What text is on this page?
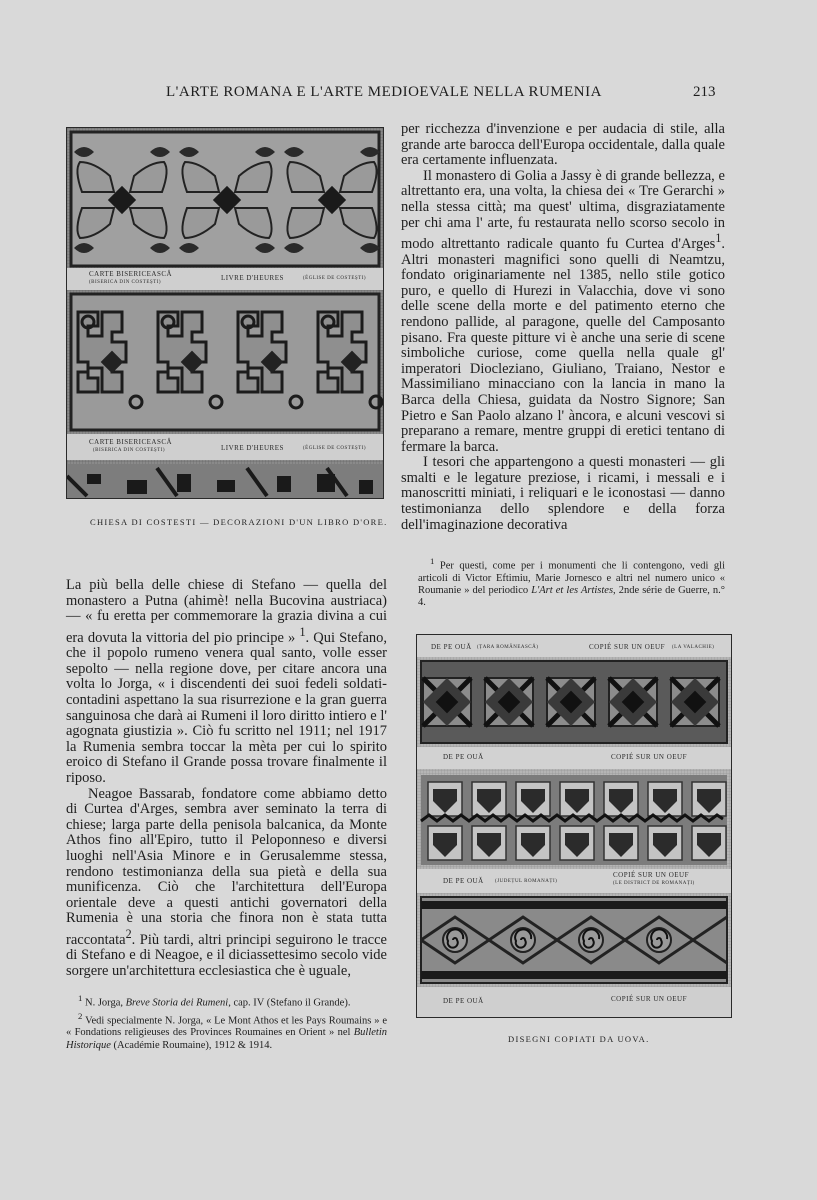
L'ARTE ROMANA E L'ARTE MEDIOEVALE NELLA RUMENIA	213
CARTE BISERICEASCĂ
(BISERICA DIN COSTEȘTI)
LIVRE D'HEURES	(ÉGLISE DE COSTEȘTI)
CARTE BISERICEASCĂ
(BISERICA DIN COSTEȘTI)	LIVRE D'HEURES	(ÉGLISE DE COSTEȘTI)
CHIESA DI COSTESTI — DECORAZIONI D'UN LIBRO D'ORE.

per ricchezza d'invenzione e per audacia di stile, alla grande arte barocca dell'Europa occidentale, dalla quale era certamente influenzata.

Il monastero di Golia a Jassy è di grande bellezza, e altrettanto era, una volta, la chiesa dei « Tre Gerarchi » nella stessa città; ma quest' ultima, disgraziatamente per chi ama l' arte, fu restaurata nello scorso secolo in modo altrettanto radicale quanto fu Curtea d'Arges$^1$. Altri monasteri magnifici sono quelli di Neamtzu, fondato originariamente nel 1385, nello stile gotico puro, e quello di Hurezi in Valacchia, dove vi sono delle scene della morte e del patimento eterno che rendono pallide, al paragone, quelle del Camposanto pisano. Fra queste pitture vi è anche una serie di scene simboliche curiose, come quella nella quale gl' imperatori Diocleziano, Giuliano, Traiano, Nestor e Massimiliano minacciano con la lancia in mano la Barca della Chiesa, guidata da Nostro Signore; San Pietro e San Paolo alzano l' àncora, e alcuni vescovi si preparano a remare, mentre gruppi di eretici tentano di fermare la barca.

I tesori che appartengono a questi monasteri — gli smalti e le legature preziose, i ricami, i messali e i manoscritti miniati, i reliquari e le iconostasi — danno testimonianza dello splendore e della forza dell'imaginazione decorativa

$^1$ Per questi, come per i monumenti che li contengono, vedi gli articoli di Victor Eftimiu, Marie Jornesco e altri nel numero unico « Roumanie » del periodico L'Art et les Artistes, 2nde série de Guerre, n.° 4.

La più bella delle chiese di Stefano — quella del monastero a Putna (ahimè! nella Bucovina austriaca) — « fu eretta per commemorare la grazia divina a cui era dovuta la vittoria del pio principe » $^1$. Qui Stefano, che il popolo rumeno venera qual santo, volle esser sepolto — nella regione dove, per citare ancora una volta lo Jorga, « i discendenti dei suoi fedeli soldati-contadini aspettano la sua risurrezione e la gran guerra sanguinosa che darà ai Rumeni il loro diritto intiero e l' agognata giustizia ». Ciò fu scritto nel 1911; nel 1917 la Rumenia sembra toccar la mèta per cui lo spirito eroico di Stefano il Grande possa trovare finalmente il riposo.

Neagoe Bassarab, fondatore come abbiamo detto di Curtea d'Arges, sembra aver seminato la terra di chiese; larga parte della penisola balcanica, da Monte Athos fino all'Epiro, tutto il Peloponneso e diversi luoghi nell'Asia Minore e in Gerusalemme stessa, rendono testimonianza della sua pietà e della sua munificenza. Ciò che l'architettura dell'Europa orientale deve a questi antichi governatori della Rumenia è una storia che finora non è stata tutta raccontata$^2$. Più tardi, altri principi seguirono le tracce di Stefano e di Neagoe, e il diciassettesimo secolo vide sorgere un'architettura ecclesiastica che è uguale,

$^1$ N. Jorga, Breve Storia dei Rumeni, cap. IV (Stefano il Grande).

$^2$ Vedi specialmente N. Jorga, « Le Mont Athos et les Pays Roumains » e « Fondations religieuses des Provinces Roumaines en Orient » nel Bulletin Historique (Académie Roumaine), 1912 & 1914.

DE PE OUĂ (ȚARA ROMÂNEASCĂ)	COPIÉ SUR UN OEUF (LA VALACHIE)
DE PE OUĂ	COPIÉ SUR UN OEUF
DE PE OUĂ (JUDEȚUL ROMANAȚI)
COPIÉ SUR UN OEUF
(LE DISTRICT DE ROMANAȚI)
DE PE OUĂ	COPIÉ SUR UN OEUF
DISEGNI COPIATI DA UOVA.
